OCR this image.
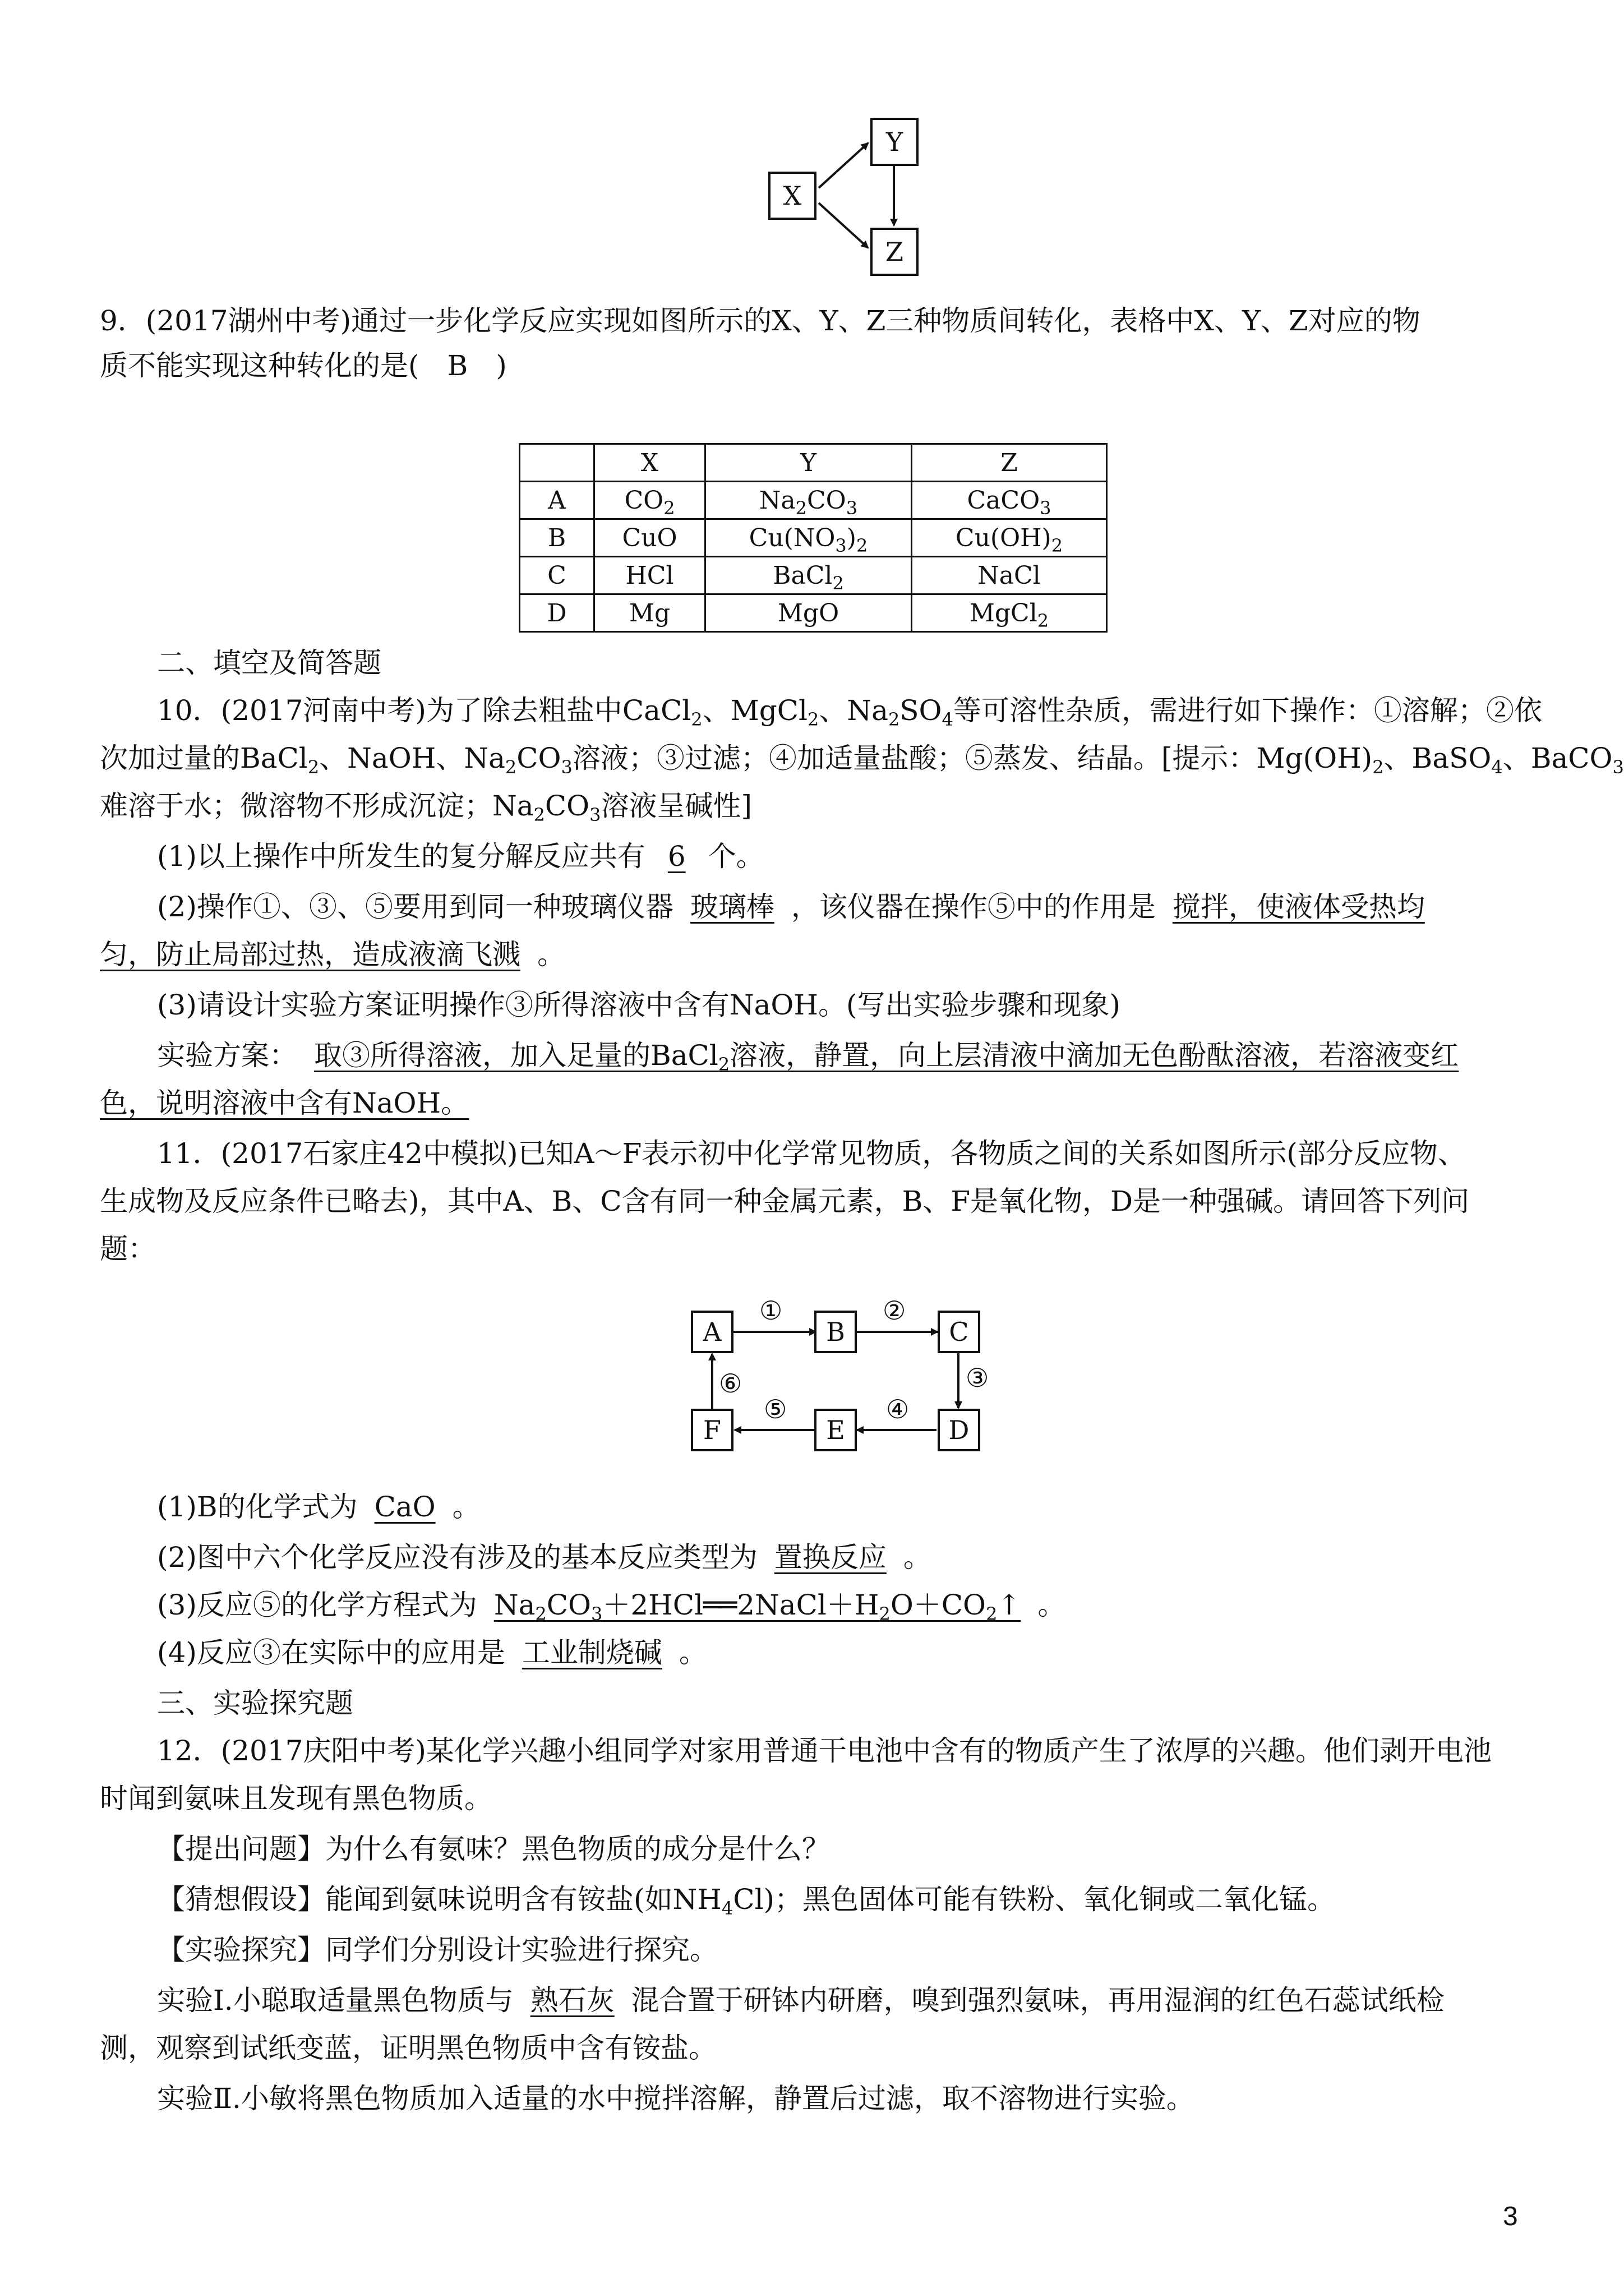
X
Y
Z
9．(2017湖州中考)通过一步化学反应实现如图所示的X、Y、Z三种物质间转化，表格中X、Y、Z对应的物
质不能实现这种转化的是( B )
	X	Y	Z
A	$CO_2$	$Na_2CO_3$	CaCO$_3$
B	CuO	$Cu(NO_3)_2$	$Cu(OH)_2$
C	HCl	BaCl$_2$	NaCl
D	Mg	MgO	MgCl$_2$
二、填空及简答题
10．(2017河南中考)为了除去粗盐中CaCl$_2$、MgCl$_2$、$Na_2SO_4$等可溶性杂质，需进行如下操作：①溶解；②依
次加过量的BaCl$_2$、NaOH、$Na_2CO_3$溶液；③过滤；④加适量盐酸；⑤蒸发、结晶。[提示：$Mg(OH)_2$、BaSO$_4$、BaCO$_3$
难溶于水；微溶物不形成沉淀；$Na_2CO_3$溶液呈碱性]
(1)以上操作中所发生的复分解反应共有 6 个。
(2)操作①、③、⑤要用到同一种玻璃仪器 玻璃棒 ，该仪器在操作⑤中的作用是 搅拌，使液体受热均
匀，防止局部过热，造成液滴飞溅 。
(3)请设计实验方案证明操作③所得溶液中含有NaOH。(写出实验步骤和现象)
实验方案： 取③所得溶液，加入足量的BaCl$_2$溶液，静置，向上层清液中滴加无色酚酞溶液，若溶液变红
色，说明溶液中含有NaOH。
11．(2017石家庄42中模拟)已知A～F表示初中化学常见物质，各物质之间的关系如图所示(部分反应物、
生成物及反应条件已略去)，其中A、B、C含有同一种金属元素，B、F是氧化物，D是一种强碱。请回答下列问
题：
A	B	C
D
E
F
①	②
③
④
⑤
⑥
(1)B的化学式为 CaO 。
(2)图中六个化学反应没有涉及的基本反应类型为 置换反应 。
(3)反应⑤的化学方程式为 $Na_2CO_3+2HCl══2NaCl+H_2O+CO_2↑$ 。
(4)反应③在实际中的应用是 工业制烧碱 。
三、实验探究题
12．(2017庆阳中考)某化学兴趣小组同学对家用普通干电池中含有的物质产生了浓厚的兴趣。他们剥开电池
时闻到氨味且发现有黑色物质。
【提出问题】为什么有氨味？黑色物质的成分是什么？
【猜想假设】能闻到氨味说明含有铵盐(如$NH_4Cl$)；黑色固体可能有铁粉、氧化铜或二氧化锰。
【实验探究】同学们分别设计实验进行探究。
实验Ⅰ.小聪取适量黑色物质与 熟石灰 混合置于研钵内研磨，嗅到强烈氨味，再用湿润的红色石蕊试纸检
测，观察到试纸变蓝，证明黑色物质中含有铵盐。
实验Ⅱ.小敏将黑色物质加入适量的水中搅拌溶解，静置后过滤，取不溶物进行实验。
3
